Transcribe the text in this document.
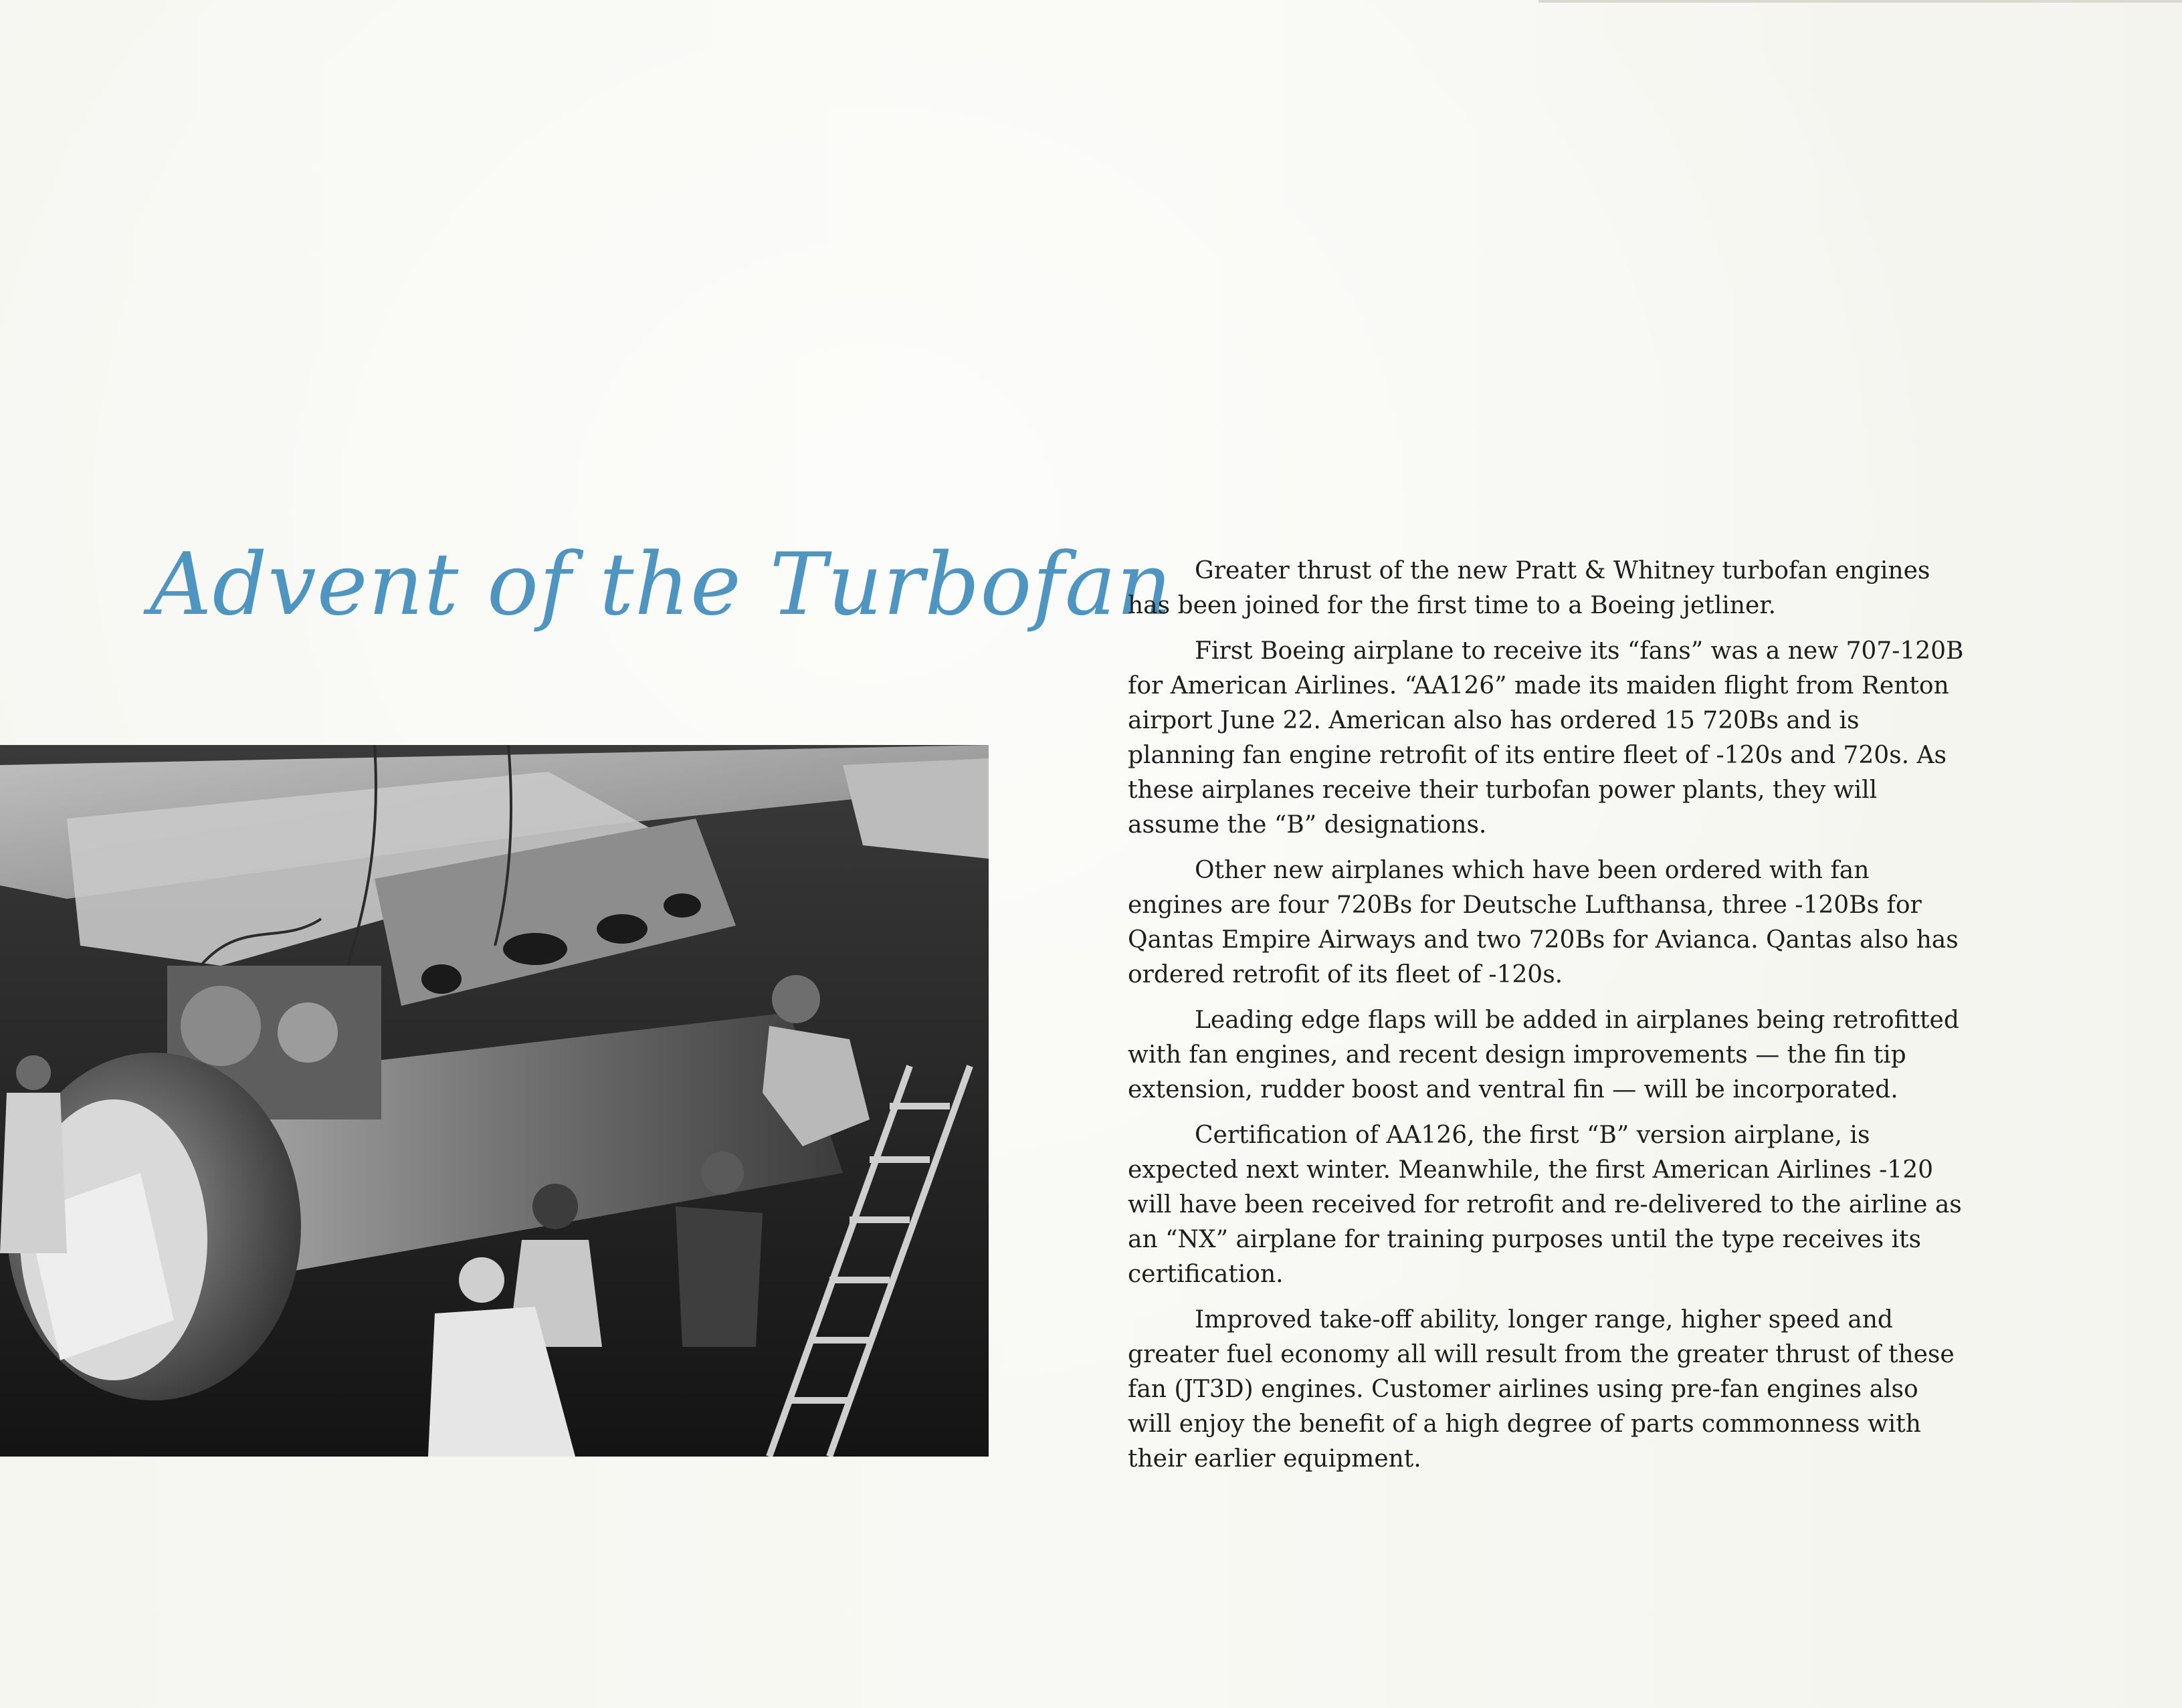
Advent of the Turbofan Greater thrust of the new Pratt & Whitney turbofan engines has been joined for the first time to a Boeing jetliner.

First Boeing airplane to receive its “fans” was a new 707-120B for American Airlines. “AA126” made its maiden flight from Renton airport June 22. American also has ordered 15 720Bs and is planning fan engine retrofit of its entire fleet of -120s and 720s. As these airplanes receive their turbofan power plants, they will assume the “B” designations.

Other new airplanes which have been ordered with fan engines are four 720Bs for Deutsche Lufthansa, three -120Bs for Qantas Empire Airways and two 720Bs for Avianca. Qantas also has ordered retrofit of its fleet of -120s.

Leading edge flaps will be added in airplanes being retrofitted with fan engines, and recent design improvements — the fin tip extension, rudder boost and ventral fin — will be incorporated.

Certification of AA126, the first “B” version airplane, is expected next winter. Meanwhile, the first American Airlines -120 will have been received for retrofit and re-delivered to the airline as an “NX” airplane for training purposes until the type receives its certification.

Improved take-off ability, longer range, higher speed and greater fuel economy all will result from the greater thrust of these fan (JT3D) engines. Customer airlines using pre-fan engines also will enjoy the benefit of a high degree of parts commonness with their earlier equipment.
